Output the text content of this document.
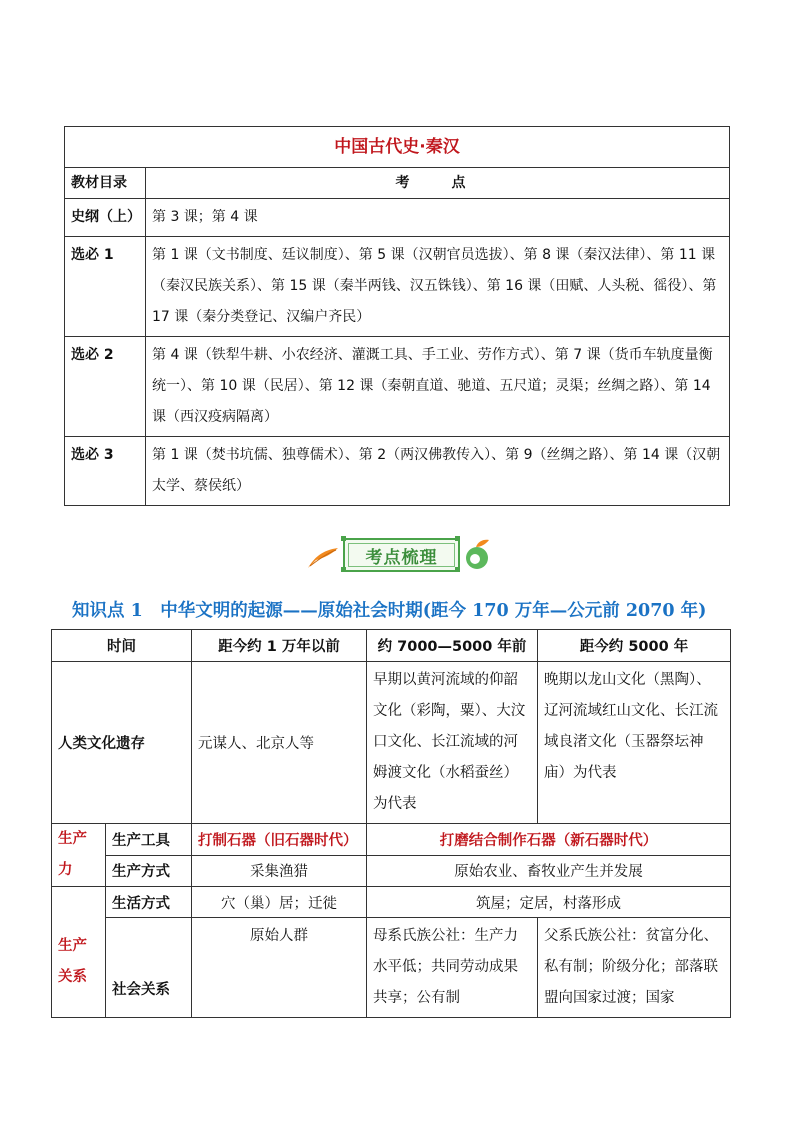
中国古代史·秦汉	
教材目录	考　点
史纲（上）	第 3 课；第 4 课
选必 1	第 1 课（文书制度、廷议制度）、第 5 课（汉朝官员选拔）、第 8 课（秦汉法律）、第 11 课（秦汉民族关系）、第 15 课（秦半两钱、汉五铢钱）、第 16 课（田赋、人头税、徭役）、第 17 课（秦分类登记、汉编户齐民）
选必 2	第 4 课（铁犁牛耕、小农经济、灌溉工具、手工业、劳作方式）、第 7 课（货币车轨度量衡统一）、第 10 课（民居）、第 12 课（秦朝直道、驰道、五尺道；灵渠；丝绸之路）、第 14 课（西汉疫病隔离）
选必 3	第 1 课（焚书坑儒、独尊儒术）、第 2（两汉佛教传入）、第 9（丝绸之路）、第 14 课（汉朝太学、蔡侯纸）
考点梳理
知识点 1　中华文明的起源——原始社会时期(距今 170 万年—公元前 2070 年)
时间		距今约 1 万年以前	约 7000—5000 年前	距今约 5000 年
人类文化遗存		元谋人、北京人等	早期以黄河流域的仰韶文化（彩陶，粟）、大汶口文化、长江流域的河姆渡文化（水稻蚕丝）为代表	晚期以龙山文化（黑陶）、辽河流域红山文化、长江流域良渚文化（玉器祭坛神庙）为代表
生产力	生产工具	打制石器（旧石器时代）	打磨结合制作石器（新石器时代）	
	生产方式	采集渔猎	原始农业、畜牧业产生并发展	
生产关系	生活方式	穴（巢）居；迁徙	筑屋；定居，村落形成	
	社会关系	原始人群	母系氏族公社：生产力水平低；共同劳动成果共享；公有制	父系氏族公社：贫富分化、私有制；阶级分化；部落联盟向国家过渡；国家
